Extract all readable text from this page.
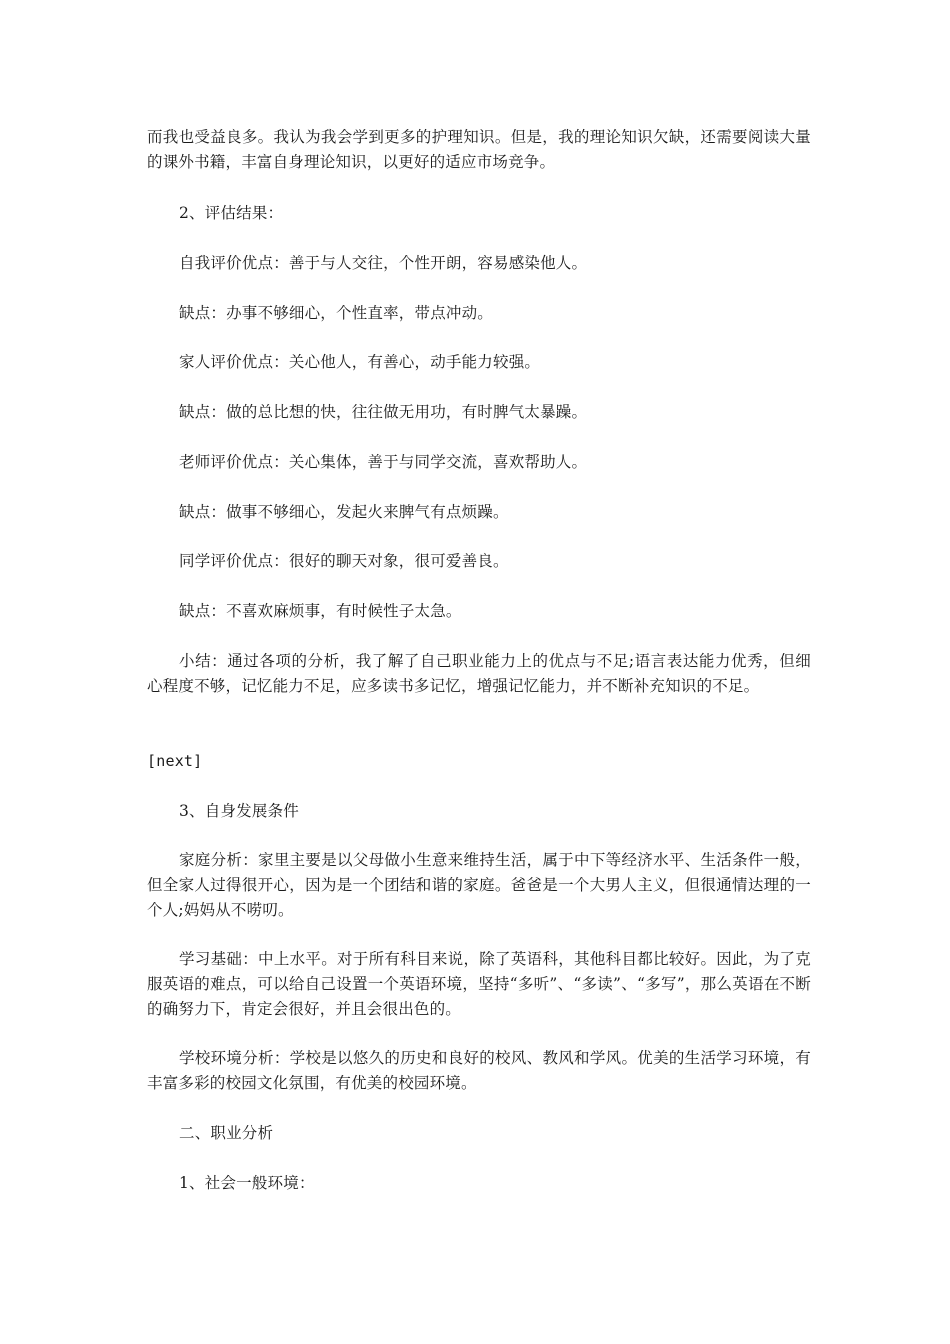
而我也受益良多。我认为我会学到更多的护理知识。但是，我的理论知识欠缺，还需要阅读大量的课外书籍，丰富自身理论知识，以更好的适应市场竞争。

2、评估结果：

自我评价优点：善于与人交往，个性开朗，容易感染他人。

缺点：办事不够细心，个性直率，带点冲动。

家人评价优点：关心他人，有善心，动手能力较强。

缺点：做的总比想的快，往往做无用功，有时脾气太暴躁。

老师评价优点：关心集体，善于与同学交流，喜欢帮助人。

缺点：做事不够细心，发起火来脾气有点烦躁。

同学评价优点：很好的聊天对象，很可爱善良。

缺点：不喜欢麻烦事，有时候性子太急。

小结：通过各项的分析，我了解了自己职业能力上的优点与不足;语言表达能力优秀，但细心程度不够，记忆能力不足，应多读书多记忆，增强记忆能力，并不断补充知识的不足。

[next]

3、自身发展条件

家庭分析：家里主要是以父母做小生意来维持生活，属于中下等经济水平、生活条件一般，但全家人过得很开心，因为是一个团结和谐的家庭。爸爸是一个大男人主义，但很通情达理的一个人;妈妈从不唠叨。

学习基础：中上水平。对于所有科目来说，除了英语科，其他科目都比较好。因此，为了克服英语的难点，可以给自己设置一个英语环境，坚持“多听”、“多读”、“多写”，那么英语在不断的确努力下，肯定会很好，并且会很出色的。

学校环境分析：学校是以悠久的历史和良好的校风、教风和学风。优美的生活学习环境，有丰富多彩的校园文化氛围，有优美的校园环境。

二、职业分析

1、社会一般环境：
